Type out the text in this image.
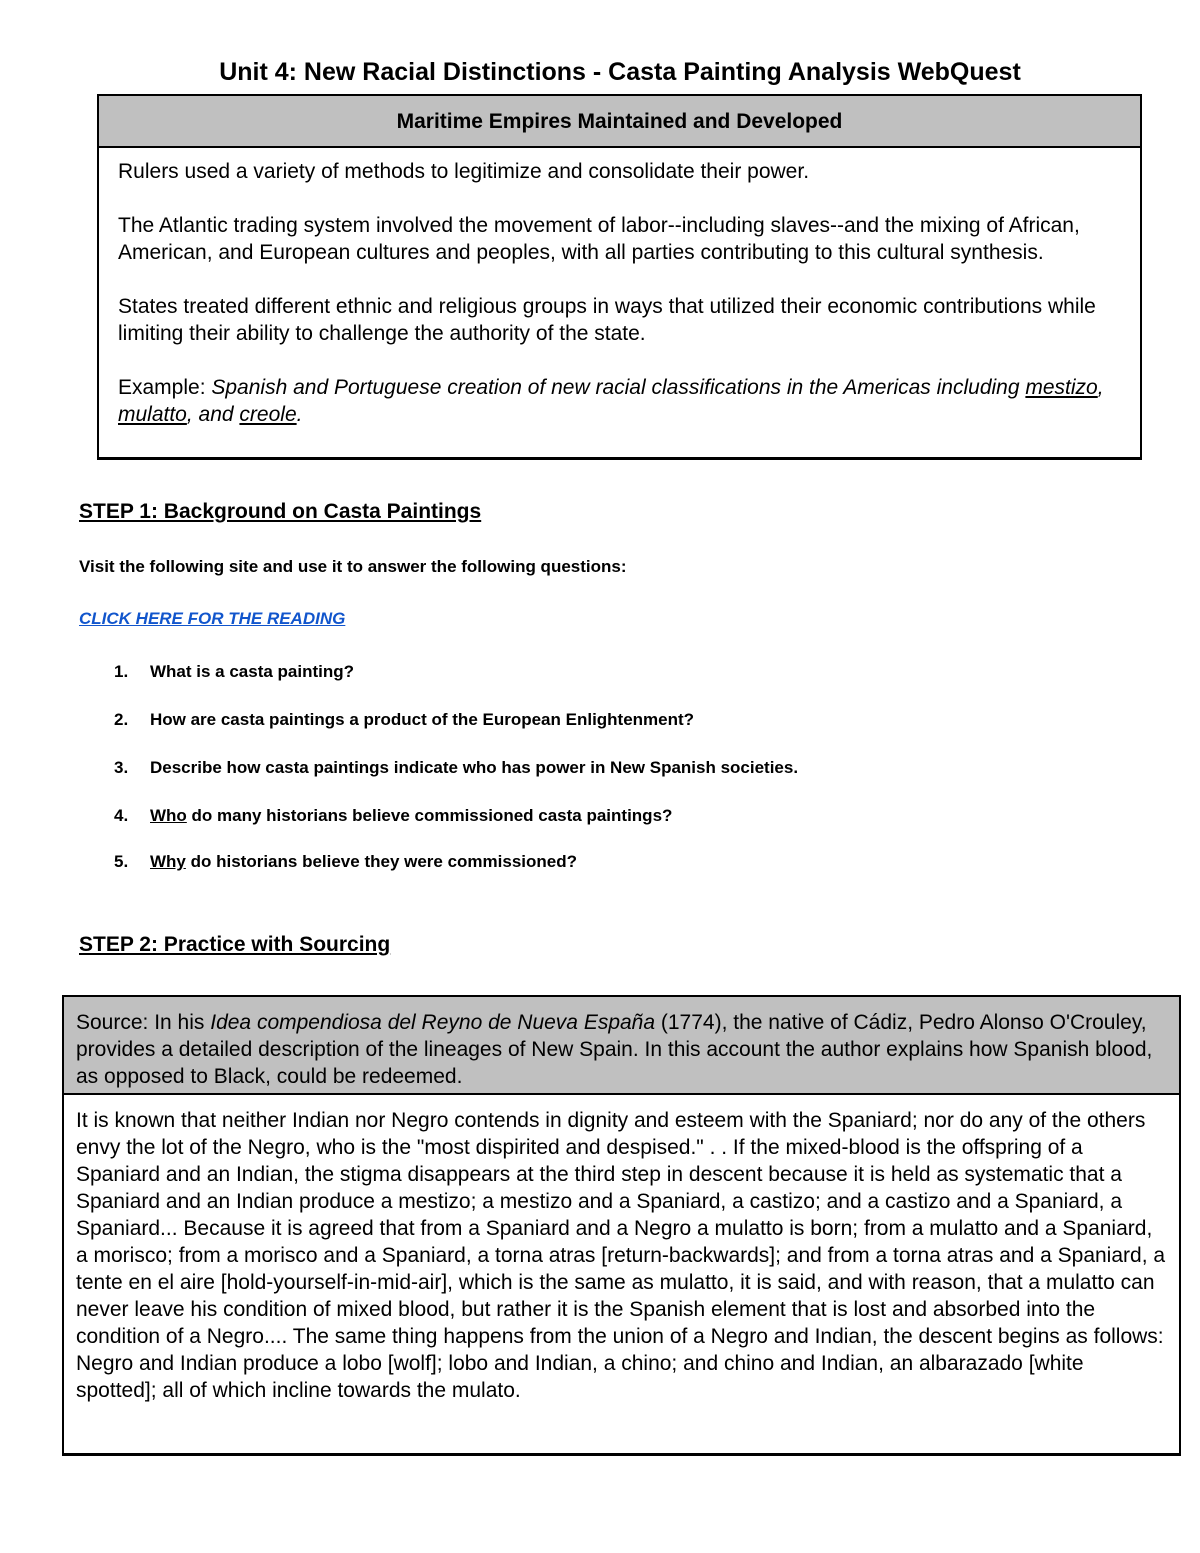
Unit 4: New Racial Distinctions - Casta Painting Analysis WebQuest
Maritime Empires Maintained and Developed

Rulers used a variety of methods to legitimize and consolidate their power.

The Atlantic trading system involved the movement of labor--including slaves--and the mixing of African, American, and European cultures and peoples, with all parties contributing to this cultural synthesis.

States treated different ethnic and religious groups in ways that utilized their economic contributions while limiting their ability to challenge the authority of the state.

Example: Spanish and Portuguese creation of new racial classifications in the Americas including mestizo, mulatto, and creole.

STEP 1: Background on Casta Paintings

Visit the following site and use it to answer the following questions:

CLICK HERE FOR THE READING

1. What is a casta painting?

2. How are casta paintings a product of the European Enlightenment?

3. Describe how casta paintings indicate who has power in New Spanish societies.

4. Who do many historians believe commissioned casta paintings?

5. Why do historians believe they were commissioned?

STEP 2: Practice with Sourcing
Source: In his Idea compendiosa del Reyno de Nueva España (1774), the native of Cádiz, Pedro Alonso O'Crouley, provides a detailed description of the lineages of New Spain. In this account the author explains how Spanish blood, as opposed to Black, could be redeemed.
It is known that neither Indian nor Negro contends in dignity and esteem with the Spaniard; nor do any of the others envy the lot of the Negro, who is the "most dispirited and despised." . . If the mixed-blood is the offspring of a Spaniard and an Indian, the stigma disappears at the third step in descent because it is held as systematic that a Spaniard and an Indian produce a mestizo; a mestizo and a Spaniard, a castizo; and a castizo and a Spaniard, a Spaniard... Because it is agreed that from a Spaniard and a Negro a mulatto is born; from a mulatto and a Spaniard, a morisco; from a morisco and a Spaniard, a torna atras [return-backwards]; and from a torna atras and a Spaniard, a tente en el aire [hold-yourself-in-mid-air], which is the same as mulatto, it is said, and with reason, that a mulatto can never leave his condition of mixed blood, but rather it is the Spanish element that is lost and absorbed into the condition of a Negro.... The same thing happens from the union of a Negro and Indian, the descent begins as follows: Negro and Indian produce a lobo [wolf]; lobo and Indian, a chino; and chino and Indian, an albarazado [white spotted]; all of which incline towards the mulato.
